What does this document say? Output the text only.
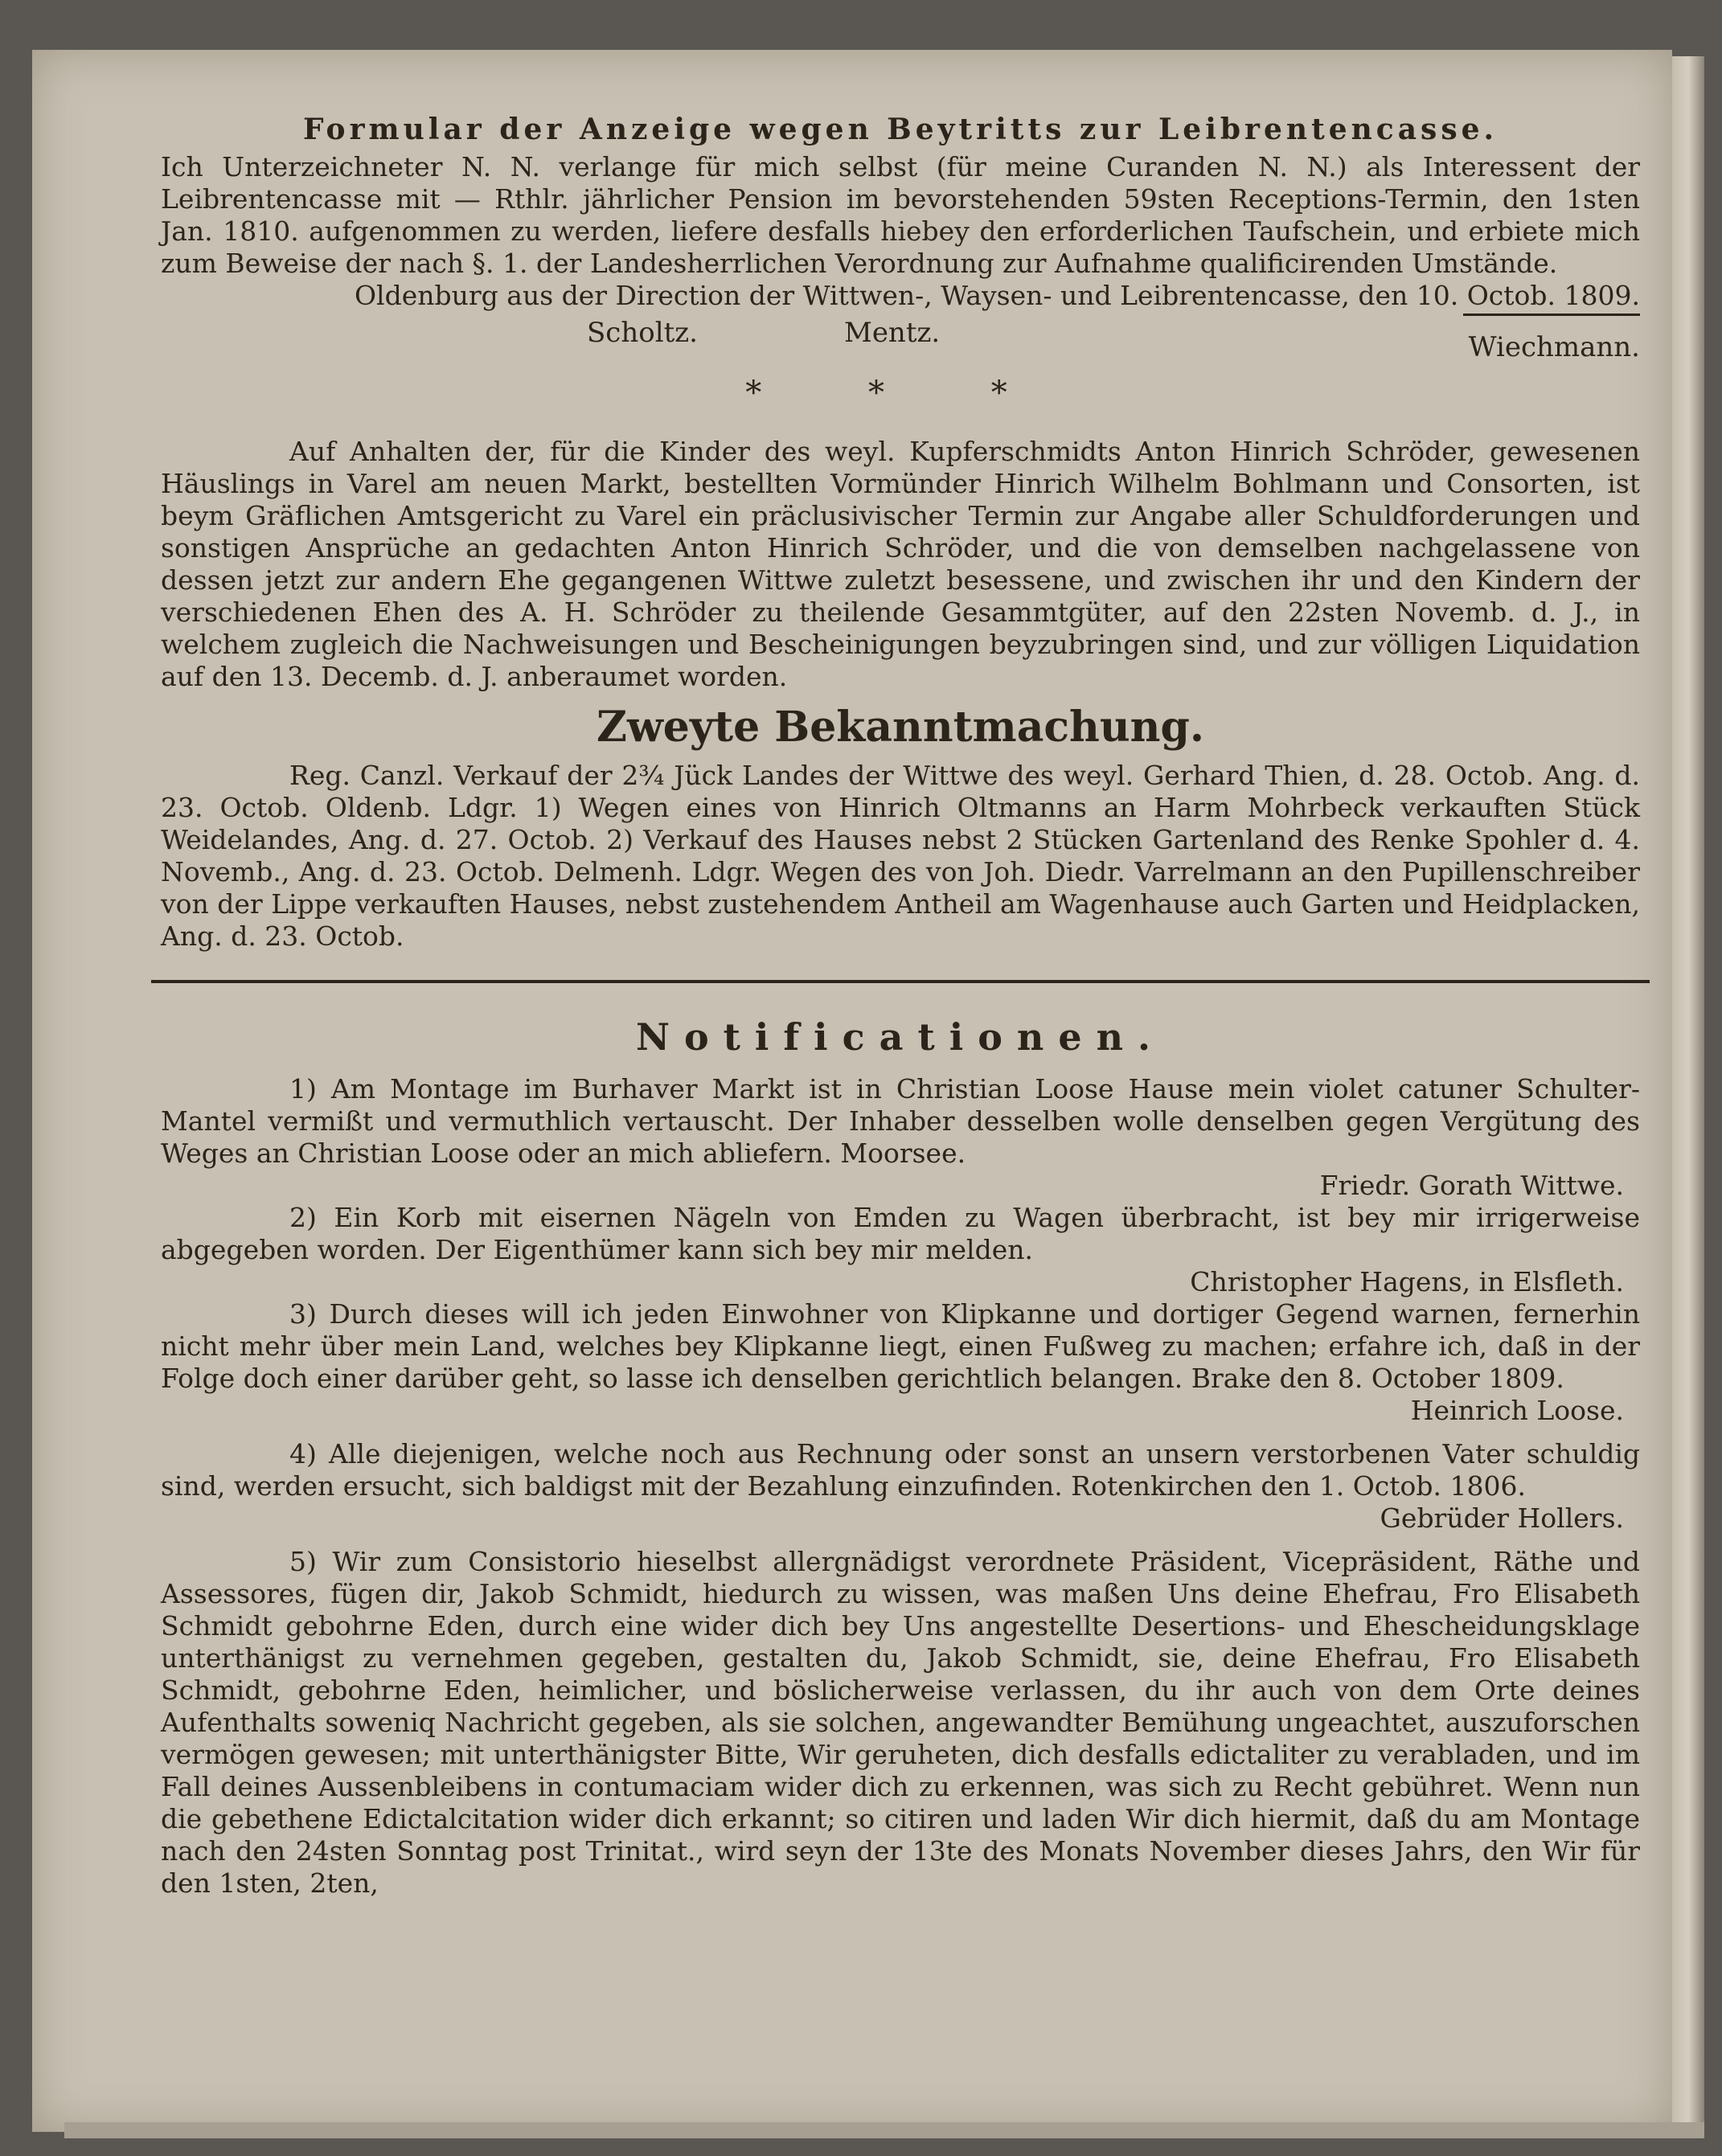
Formular der Anzeige wegen Beytritts zur Leibrentencasse.

Ich Unterzeichneter N. N. verlange für mich selbst (für meine Curanden N. N.) als Interessent der Leibrentencasse mit — Rthlr. jährlicher Pension im bevorstehenden 59sten Receptions-Termin, den 1sten Jan. 1810. aufgenommen zu werden, liefere desfalls hiebey den erforderlichen Taufschein, und erbiete mich zum Beweise der nach §. 1. der Landesherrlichen Verordnung zur Aufnahme qualificirenden Umstände.

Oldenburg aus der Direction der Wittwen-, Waysen- und Leibrentencasse, den 10. Octob. 1809.

Scholtz.	Mentz.	Wiechmann.
* * *

Auf Anhalten der, für die Kinder des weyl. Kupferschmidts Anton Hinrich Schröder, gewesenen Häuslings in Varel am neuen Markt, bestellten Vormünder Hinrich Wilhelm Bohlmann und Consorten, ist beym Gräflichen Amtsgericht zu Varel ein präclusivischer Termin zur Angabe aller Schuldforderungen und sonstigen Ansprüche an gedachten Anton Hinrich Schröder, und die von demselben nachgelassene von dessen jetzt zur andern Ehe gegangenen Wittwe zuletzt besessene, und zwischen ihr und den Kindern der verschiedenen Ehen des A. H. Schröder zu theilende Gesammtgüter, auf den 22sten Novemb. d. J., in welchem zugleich die Nachweisungen und Bescheinigungen beyzubringen sind, und zur völligen Liquidation auf den 13. Decemb. d. J. anberaumet worden.

Zweyte Bekanntmachung.

Reg. Canzl. Verkauf der 2¾ Jück Landes der Wittwe des weyl. Gerhard Thien, d. 28. Octob. Ang. d. 23. Octob. Oldenb. Ldgr. 1) Wegen eines von Hinrich Oltmanns an Harm Mohrbeck verkauften Stück Weidelandes, Ang. d. 27. Octob. 2) Verkauf des Hauses nebst 2 Stücken Gartenland des Renke Spohler d. 4. Novemb., Ang. d. 23. Octob. Delmenh. Ldgr. Wegen des von Joh. Diedr. Varrelmann an den Pupillenschreiber von der Lippe verkauften Hauses, nebst zustehendem Antheil am Wagenhause auch Garten und Heidplacken, Ang. d. 23. Octob.

Notificationen.

1) Am Montage im Burhaver Markt ist in Christian Loose Hause mein violet catuner Schulter-Mantel vermißt und vermuthlich vertauscht. Der Inhaber desselben wolle denselben gegen Vergütung des Weges an Christian Loose oder an mich abliefern. Moorsee.

Friedr. Gorath Wittwe.

2) Ein Korb mit eisernen Nägeln von Emden zu Wagen überbracht, ist bey mir irrigerweise abgegeben worden. Der Eigenthümer kann sich bey mir melden.

Christopher Hagens, in Elsfleth.

3) Durch dieses will ich jeden Einwohner von Klipkanne und dortiger Gegend warnen, fernerhin nicht mehr über mein Land, welches bey Klipkanne liegt, einen Fußweg zu machen; erfahre ich, daß in der Folge doch einer darüber geht, so lasse ich denselben gerichtlich belangen. Brake den 8. October 1809.

Heinrich Loose.

4) Alle diejenigen, welche noch aus Rechnung oder sonst an unsern verstorbenen Vater schuldig sind, werden ersucht, sich baldigst mit der Bezahlung einzufinden. Rotenkirchen den 1. Octob. 1806.

Gebrüder Hollers.

5) Wir zum Consistorio hieselbst allergnädigst verordnete Präsident, Vicepräsident, Räthe und Assessores, fügen dir, Jakob Schmidt, hiedurch zu wissen, was maßen Uns deine Ehefrau, Fro Elisabeth Schmidt gebohrne Eden, durch eine wider dich bey Uns angestellte Desertions- und Ehescheidungsklage unterthänigst zu vernehmen gegeben, gestalten du, Jakob Schmidt, sie, deine Ehefrau, Fro Elisabeth Schmidt, gebohrne Eden, heimlicher, und böslicherweise verlassen, du ihr auch von dem Orte deines Aufenthalts soweniq Nachricht gegeben, als sie solchen, angewandter Bemühung ungeachtet, auszuforschen vermögen gewesen; mit unterthänigster Bitte, Wir geruheten, dich desfalls edictaliter zu verabladen, und im Fall deines Aussenbleibens in contumaciam wider dich zu erkennen, was sich zu Recht gebühret. Wenn nun die gebethene Edictalcitation wider dich erkannt; so citiren und laden Wir dich hiermit, daß du am Montage nach den 24sten Sonntag post Trinitat., wird seyn der 13te des Monats November dieses Jahrs, den Wir für den 1sten, 2ten,
